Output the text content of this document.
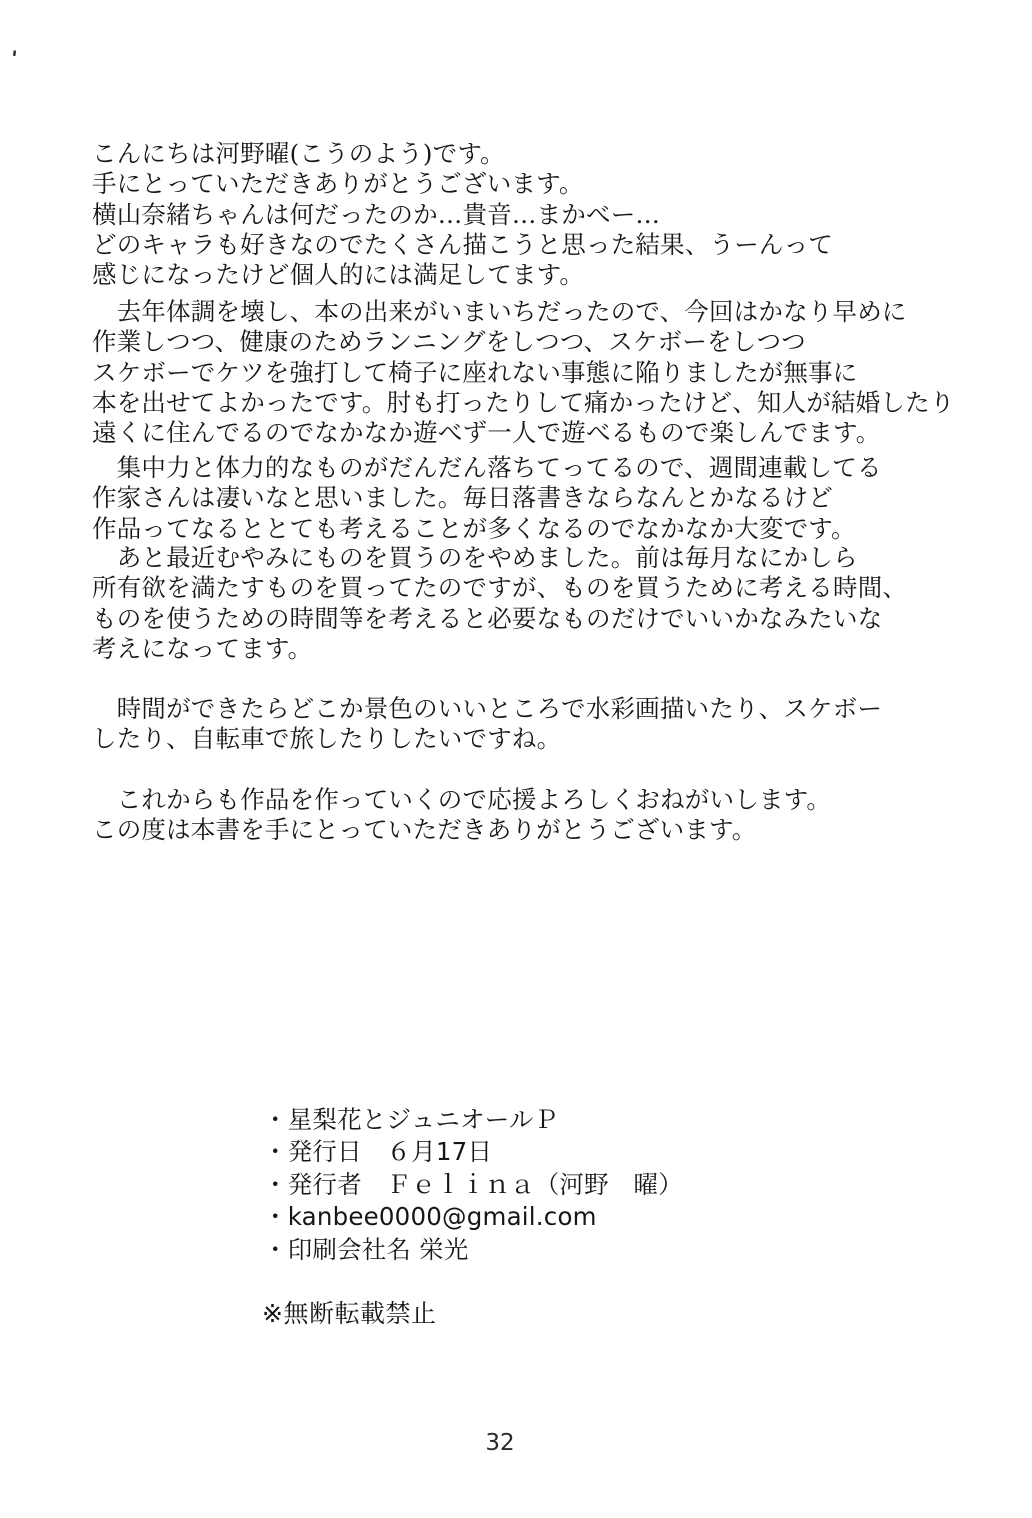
'
こんにちは河野曜(こうのよう)です。
手にとっていただきありがとうございます。
横山奈緒ちゃんは何だったのか…貴音…まかべー…
どのキャラも好きなのでたくさん描こうと思った結果、うーんって
感じになったけど個人的には満足してます。
　去年体調を壊し、本の出来がいまいちだったので、今回はかなり早めに
作業しつつ、健康のためランニングをしつつ、スケボーをしつつ
スケボーでケツを強打して椅子に座れない事態に陥りましたが無事に
本を出せてよかったです。肘も打ったりして痛かったけど、知人が結婚したり
遠くに住んでるのでなかなか遊べず一人で遊べるもので楽しんでます。
　集中力と体力的なものがだんだん落ちてってるので、週間連載してる
作家さんは凄いなと思いました。毎日落書きならなんとかなるけど
作品ってなるととても考えることが多くなるのでなかなか大変です。
　あと最近むやみにものを買うのをやめました。前は毎月なにかしら
所有欲を満たすものを買ってたのですが、ものを買うために考える時間、
ものを使うための時間等を考えると必要なものだけでいいかなみたいな
考えになってます。
　時間ができたらどこか景色のいいところで水彩画描いたり、スケボー
したり、自転車で旅したりしたいですね。
　これからも作品を作っていくので応援よろしくおねがいします。
この度は本書を手にとっていただきありがとうございます。
・星梨花とジュニオールＰ
・発行日　６月17日
・発行者　Ｆｅｌｉｎａ（河野　曜）
・kanbee0000@gmail.com
・印刷会社名 栄光
※無断転載禁止
32
